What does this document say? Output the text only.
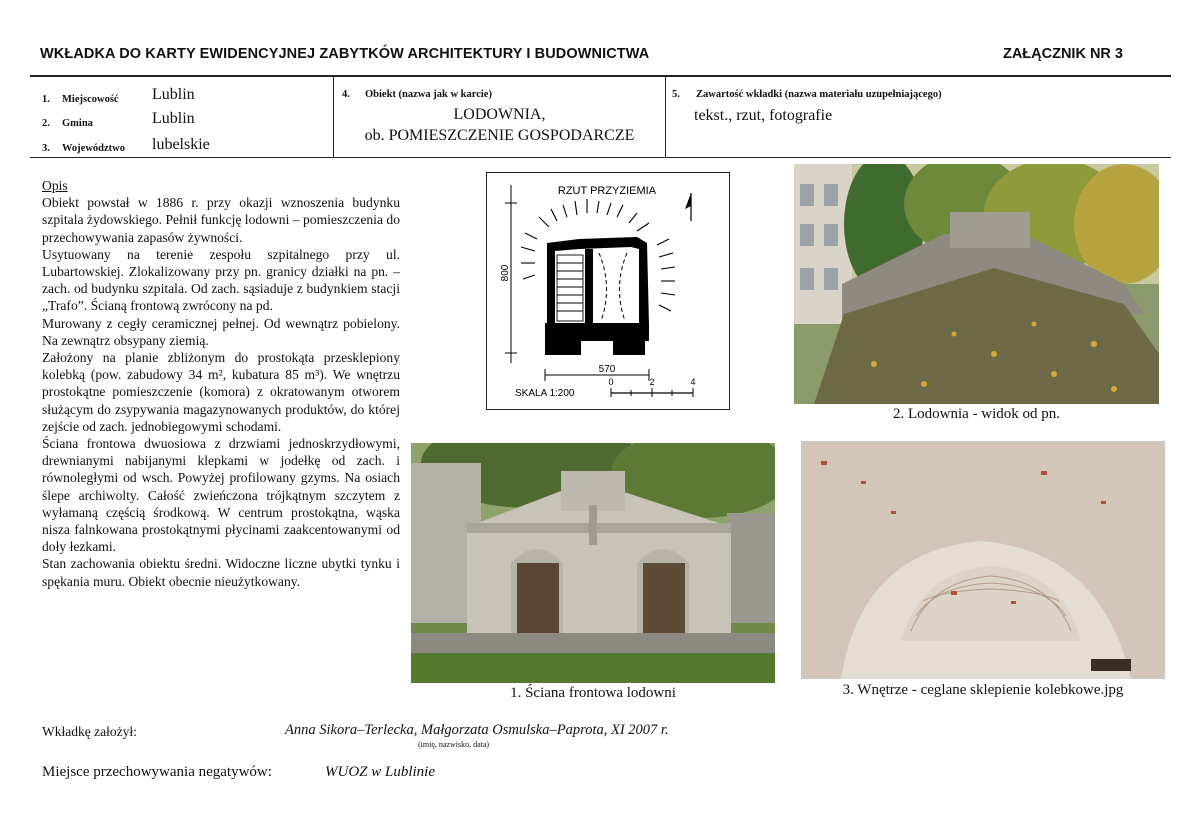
WKŁADKA DO KARTY EWIDENCYJNEJ ZABYTKÓW ARCHITEKTURY I BUDOWNICTWA	ZAŁĄCZNIK NR 3
1. Miejscowość Lublin
2. Gmina	Lublin
3. Województwo lubelskie
4. Obiekt (nazwa jak w karcie)
LODOWNIA,
ob. POMIESZCZENIE GOSPODARCZE
5. Zawartość wkładki (nazwa materiału uzupełniającego)
tekst., rzut, fotografie

Opis

Obiekt powstał w 1886 r. przy okazji wznoszenia budynku szpitala żydowskiego. Pełnił funkcję lodowni – pomieszczenia do przechowywania zapasów żywności.

Usytuowany na terenie zespołu szpitalnego przy ul. Lubartowskiej. Zlokalizowany przy pn. granicy działki na pn. – zach. od budynku szpitala. Od zach. sąsiaduje z budynkiem stacji „Trafo”. Ścianą frontową zwrócony na pd.

Murowany z cegły ceramicznej pełnej. Od wewnątrz pobielony. Na zewnątrz obsypany ziemią.

Założony na planie zbliżonym do prostokąta przesklepiony kolebką (pow. zabudowy 34 m², kubatura 85 m³). We wnętrzu prostokątne pomieszczenie (komora) z okratowanym otworem służącym do zsypywania magazynowanych produktów, do której zejście od zach. jednobiegowymi schodami.

Ściana frontowa dwuosiowa z drzwiami jednoskrzydłowymi, drewnianymi nabijanymi klepkami w jodełkę od zach. i równoległymi od wsch. Powyżej profilowany gzyms. Na osiach ślepe archiwolty. Całość zwieńczona trójkątnym szczytem z wyłamaną częścią środkową. W centrum prostokątna, wąska nisza falnkowana prostokątnymi płycinami zaakcentowanymi od doły łezkami.

Stan zachowania obiektu średni. Widoczne liczne ubytki tynku i spękania muru. Obiekt obecnie nieużytkowany.

RZUT PRZYZIEMIA
800
570
SKALA 1:200
0	2	4
2. Lodownia - widok od pn.
1. Ściana frontowa lodowni	3. Wnętrze - ceglane sklepienie kolebkowe.jpg
Wkładkę założył:	Anna Sikora–Terlecka, Małgorzata Osmulska–Paprota, XI 2007 r.
(imię, nazwisko, data)
Miejsce przechowywania negatywów:	WUOZ w Lublinie
